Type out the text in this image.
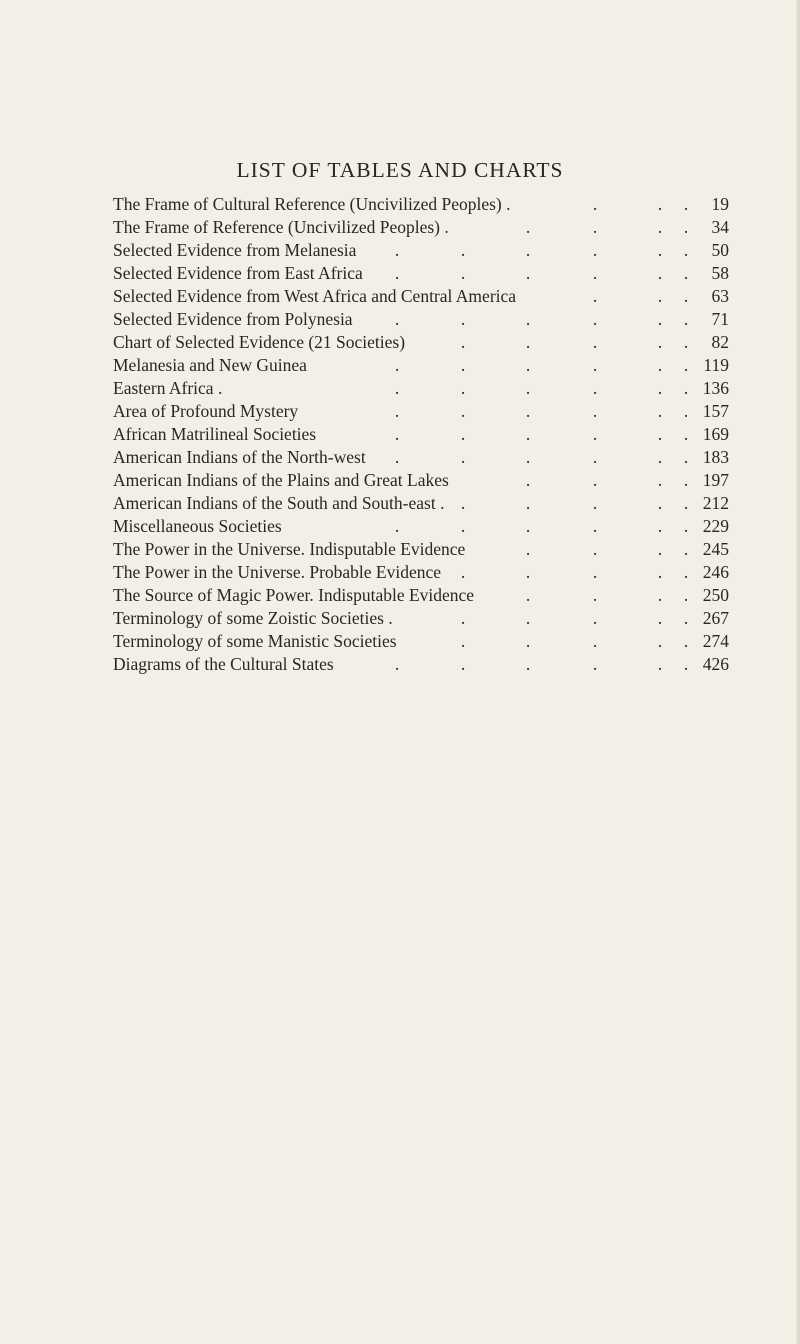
LIST OF TABLES AND CHARTS
The Frame of Cultural Reference (Uncivilized Peoples) .	19
.	. .
The Frame of Reference (Uncivilized Peoples) .	34
.	.	. .
Selected Evidence from Melanesia	50
.	.	.	.	. .
Selected Evidence from East Africa	58
.	.	.	.	. .
Selected Evidence from West Africa and Central America	63
.	. .
Selected Evidence from Polynesia	71
.	.	.	.	. .
Chart of Selected Evidence (21 Societies)	82
.	.	.	. .
Melanesia and New Guinea	119
.	.	.	.	. .
Eastern Africa .	136
.	.	.	.	. .
Area of Profound Mystery	157
.	.	.	.	. .
African Matrilineal Societies	169
.	.	.	.	. .
American Indians of the North-west	183
.	.	.	.	. .
American Indians of the Plains and Great Lakes	197
.	.	. .
American Indians of the South and South-east .	212
.	.	.	. .
Miscellaneous Societies	229
.	.	.	.	. .
The Power in the Universe. Indisputable Evidence	245
.	.	. .
The Power in the Universe. Probable Evidence	246
.	.	.	. .
The Source of Magic Power. Indisputable Evidence	250
.	.	. .
Terminology of some Zoistic Societies .	267
.	.	.	. .
Terminology of some Manistic Societies	274
.	.	.	. .
Diagrams of the Cultural States	426
.	.	.	.	. .
